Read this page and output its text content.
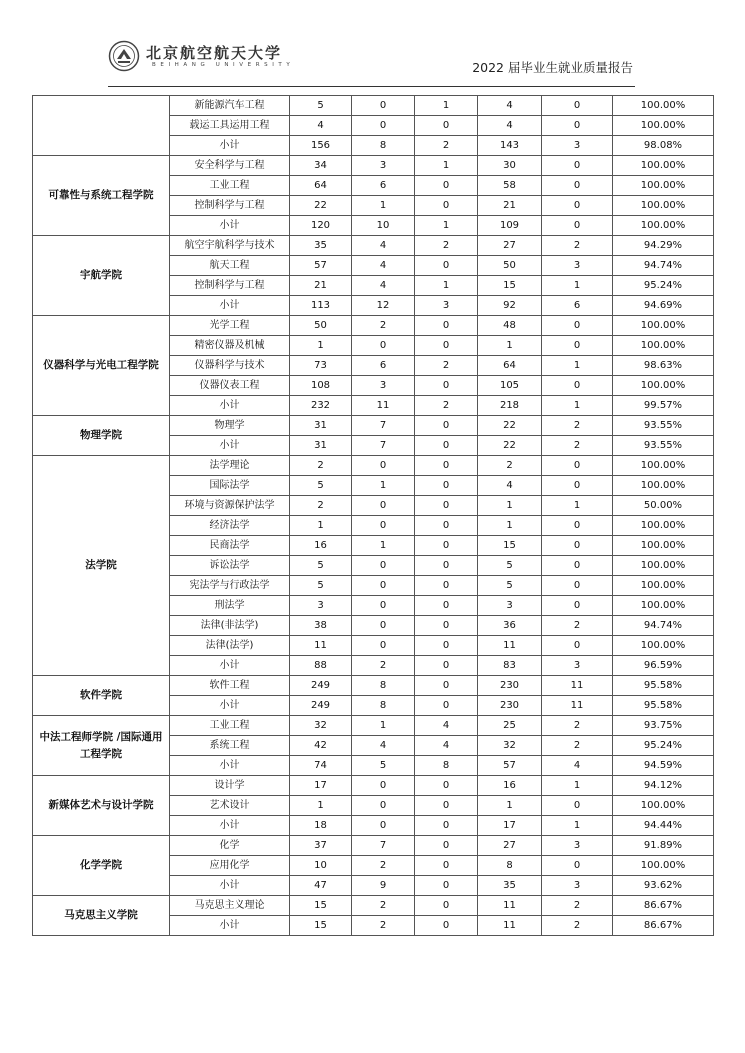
北京航空航天大学
BEIHANG UNIVERSITY	2022 届毕业生就业质量报告
	新能源汽车工程	5	0	1	4	0	100.00%
	载运工具运用工程	4	0	0	4	0	100.00%
	小计	156	8	2	143	3	98.08%
可靠性与系统工程学院	安全科学与工程	34	3	1	30	0	100.00%
	工业工程	64	6	0	58	0	100.00%
	控制科学与工程	22	1	0	21	0	100.00%
	小计	120	10	1	109	0	100.00%
宇航学院	航空宇航科学与技术	35	4	2	27	2	94.29%
	航天工程	57	4	0	50	3	94.74%
	控制科学与工程	21	4	1	15	1	95.24%
	小计	113	12	3	92	6	94.69%
仪器科学与光电工程学院	光学工程	50	2	0	48	0	100.00%
	精密仪器及机械	1	0	0	1	0	100.00%
	仪器科学与技术	73	6	2	64	1	98.63%
	仪器仪表工程	108	3	0	105	0	100.00%
	小计	232	11	2	218	1	99.57%
物理学院	物理学	31	7	0	22	2	93.55%
	小计	31	7	0	22	2	93.55%
法学院	法学理论	2	0	0	2	0	100.00%
	国际法学	5	1	0	4	0	100.00%
	环境与资源保护法学	2	0	0	1	1	50.00%
	经济法学	1	0	0	1	0	100.00%
	民商法学	16	1	0	15	0	100.00%
	诉讼法学	5	0	0	5	0	100.00%
	宪法学与行政法学	5	0	0	5	0	100.00%
	刑法学	3	0	0	3	0	100.00%
	法律(非法学)	38	0	0	36	2	94.74%
	法律(法学)	11	0	0	11	0	100.00%
	小计	88	2	0	83	3	96.59%
软件学院	软件工程	249	8	0	230	11	95.58%
	小计	249	8	0	230	11	95.58%
中法工程师学院 /国际通用工程学院	工业工程	32	1	4	25	2	93.75%
	系统工程	42	4	4	32	2	95.24%
	小计	74	5	8	57	4	94.59%
新媒体艺术与设计学院	设计学	17	0	0	16	1	94.12%
	艺术设计	1	0	0	1	0	100.00%
	小计	18	0	0	17	1	94.44%
化学学院	化学	37	7	0	27	3	91.89%
	应用化学	10	2	0	8	0	100.00%
	小计	47	9	0	35	3	93.62%
马克思主义学院	马克思主义理论	15	2	0	11	2	86.67%
	小计	15	2	0	11	2	86.67%
